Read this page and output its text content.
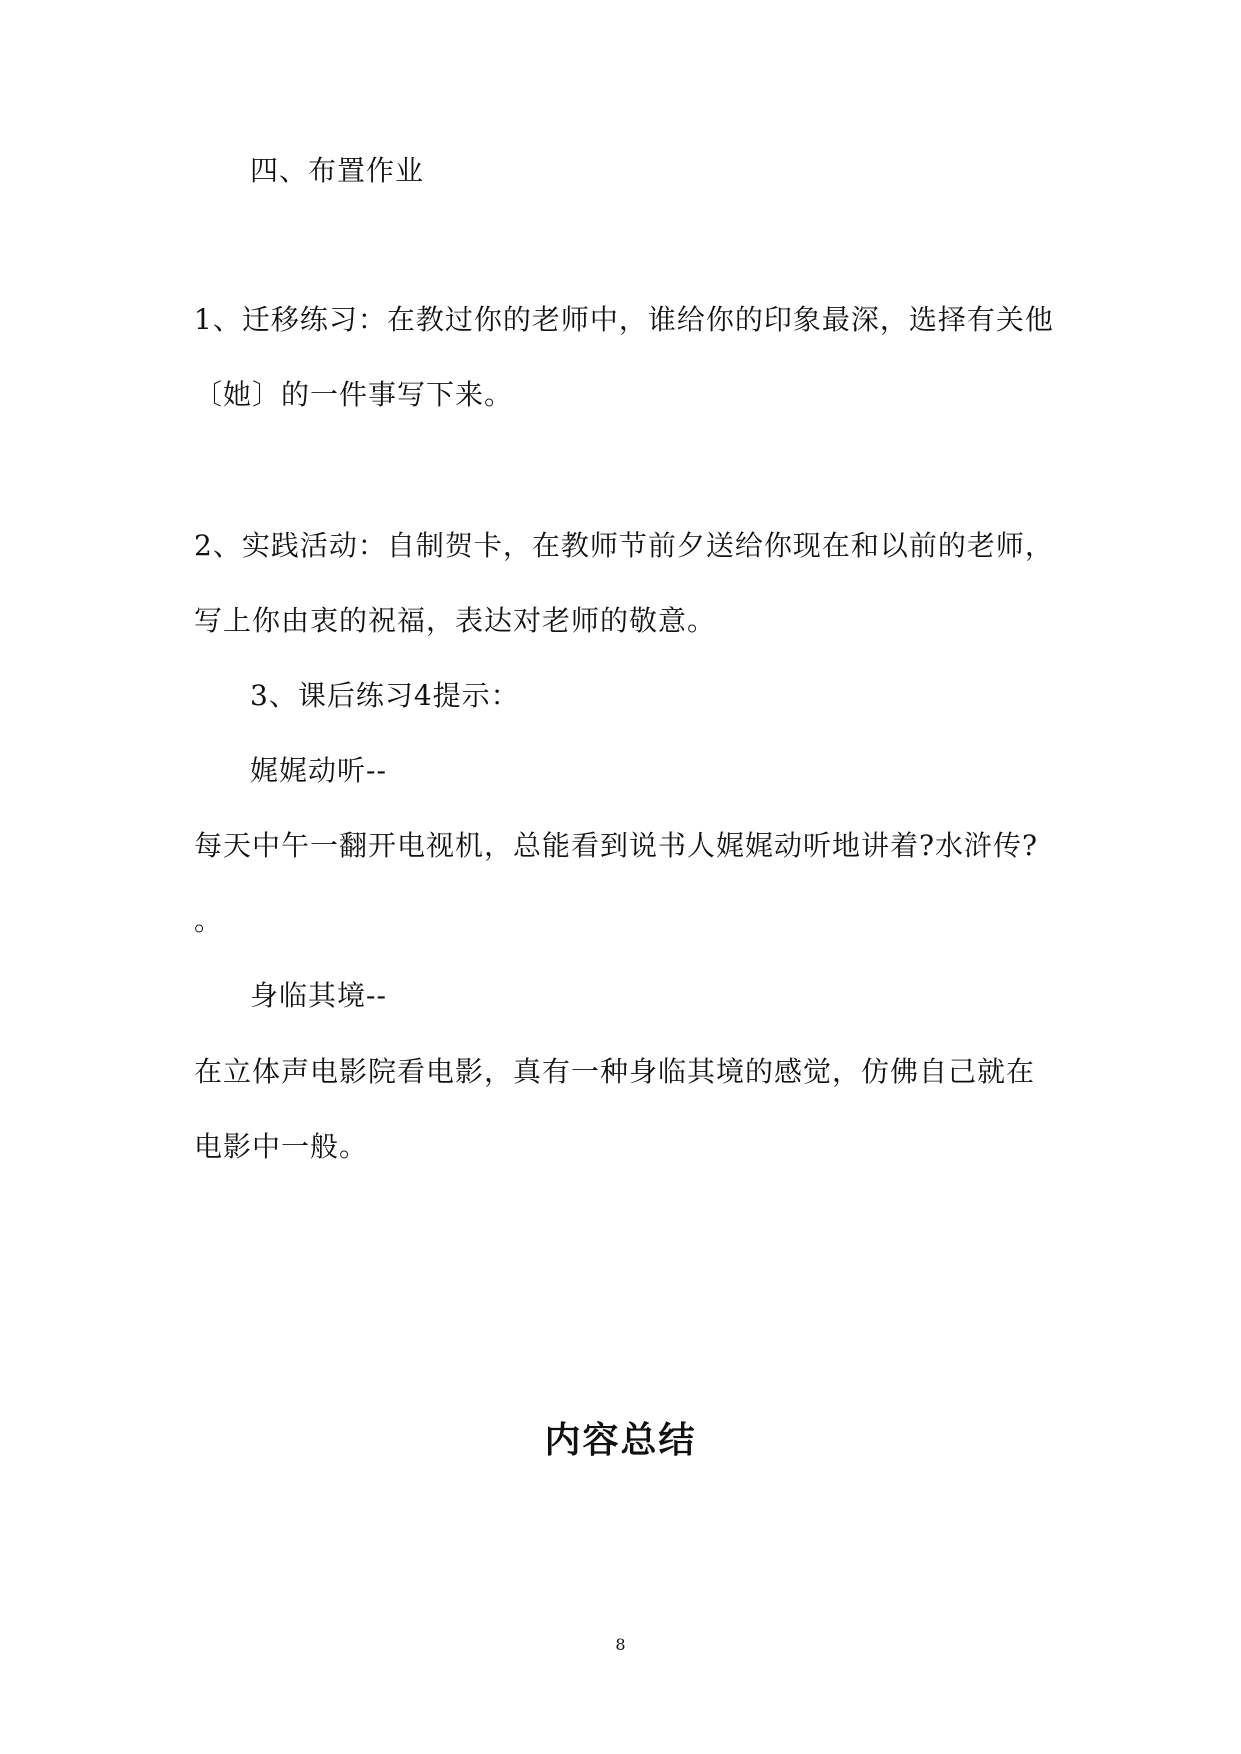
四、布置作业
1、迁移练习：在教过你的老师中，谁给你的印象最深，选择有关他
〔她〕的一件事写下来。
2、实践活动：自制贺卡，在教师节前夕送给你现在和以前的老师，
写上你由衷的祝福，表达对老师的敬意。
3、课后练习4提示：
娓娓动听--
每天中午一翻开电视机，总能看到说书人娓娓动听地讲着?水浒传?
。
身临其境--
在立体声电影院看电影，真有一种身临其境的感觉，仿佛自己就在
电影中一般。
内容总结
8
